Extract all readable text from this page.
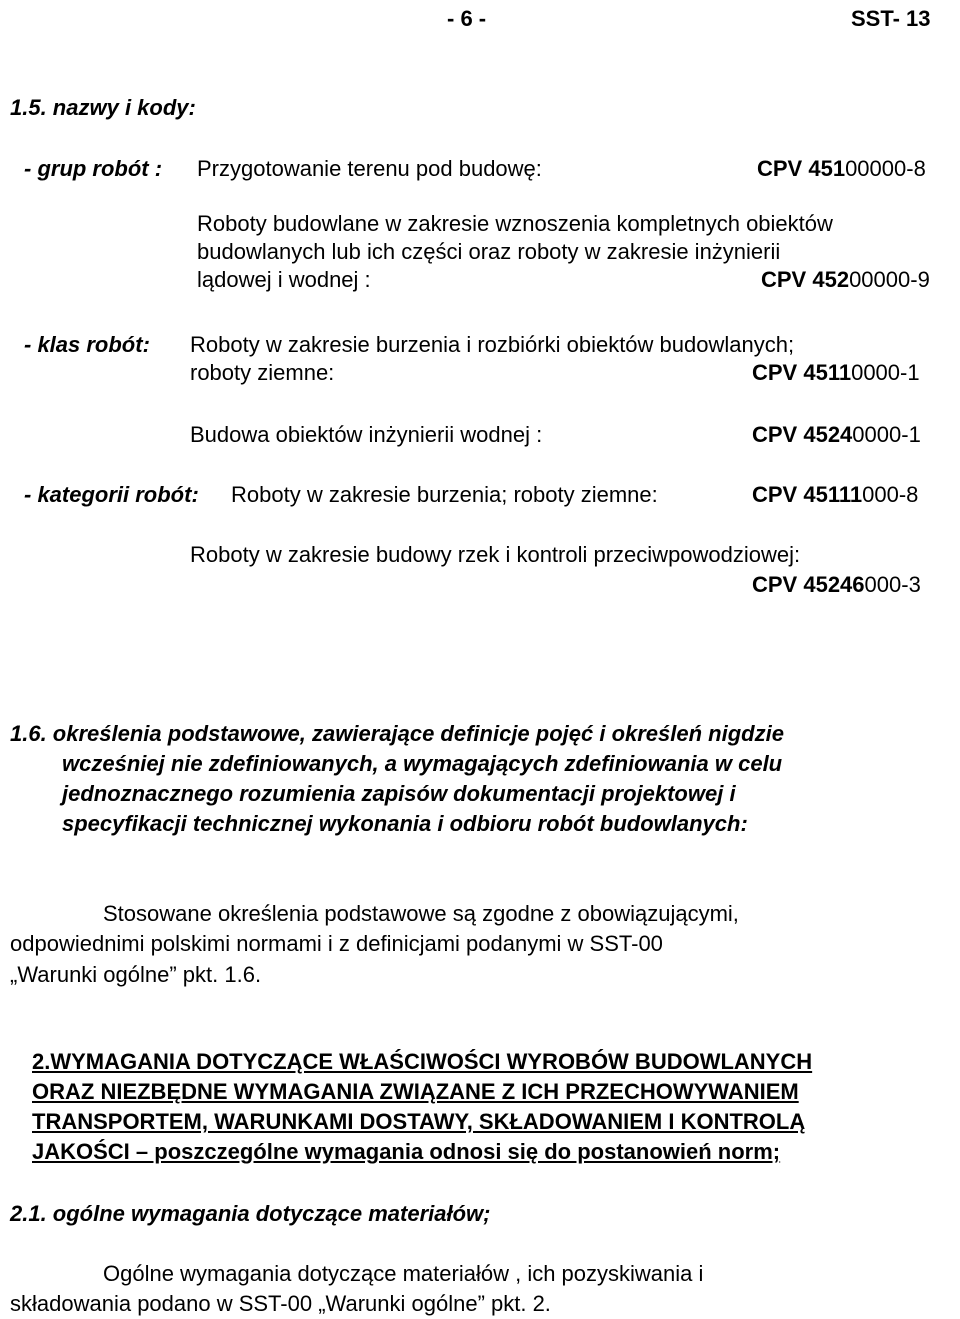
- 6 -	SST- 13
1.5. nazwy i kody:
- grup robót : Przygotowanie terenu pod budowę:	CPV 45100000-8
Roboty budowlane w zakresie wznoszenia kompletnych obiektów
budowlanych lub ich części oraz roboty w zakresie inżynierii
lądowej i wodnej :	CPV 45200000-9
- klas robót: Roboty w zakresie burzenia i rozbiórki obiektów budowlanych;
roboty ziemne:	CPV 45110000-1
Budowa obiektów inżynierii wodnej :	CPV 45240000-1
- kategorii robót: Roboty w zakresie burzenia; roboty ziemne:	CPV 45111000-8
Roboty w zakresie budowy rzek i kontroli przeciwpowodziowej:
CPV 45246000-3
1.6. określenia podstawowe, zawierające definicje pojęć i określeń nigdzie
wcześniej nie zdefiniowanych, a wymagających zdefiniowania w celu
jednoznacznego rozumienia zapisów dokumentacji projektowej i
specyfikacji technicznej wykonania i odbioru robót budowlanych:
Stosowane określenia podstawowe są zgodne z obowiązującymi,
odpowiednimi polskimi normami i z definicjami podanymi w SST-00
„Warunki ogólne” pkt. 1.6.
2.WYMAGANIA DOTYCZĄCE WŁAŚCIWOŚCI WYROBÓW BUDOWLANYCH
ORAZ NIEZBĘDNE WYMAGANIA ZWIĄZANE Z ICH PRZECHOWYWANIEM
TRANSPORTEM, WARUNKAMI DOSTAWY, SKŁADOWANIEM I KONTROLĄ
JAKOŚCI – poszczególne wymagania odnosi się do postanowień norm;
2.1. ogólne wymagania dotyczące materiałów;
Ogólne wymagania dotyczące materiałów , ich pozyskiwania i
składowania podano w SST-00 „Warunki ogólne” pkt. 2.
